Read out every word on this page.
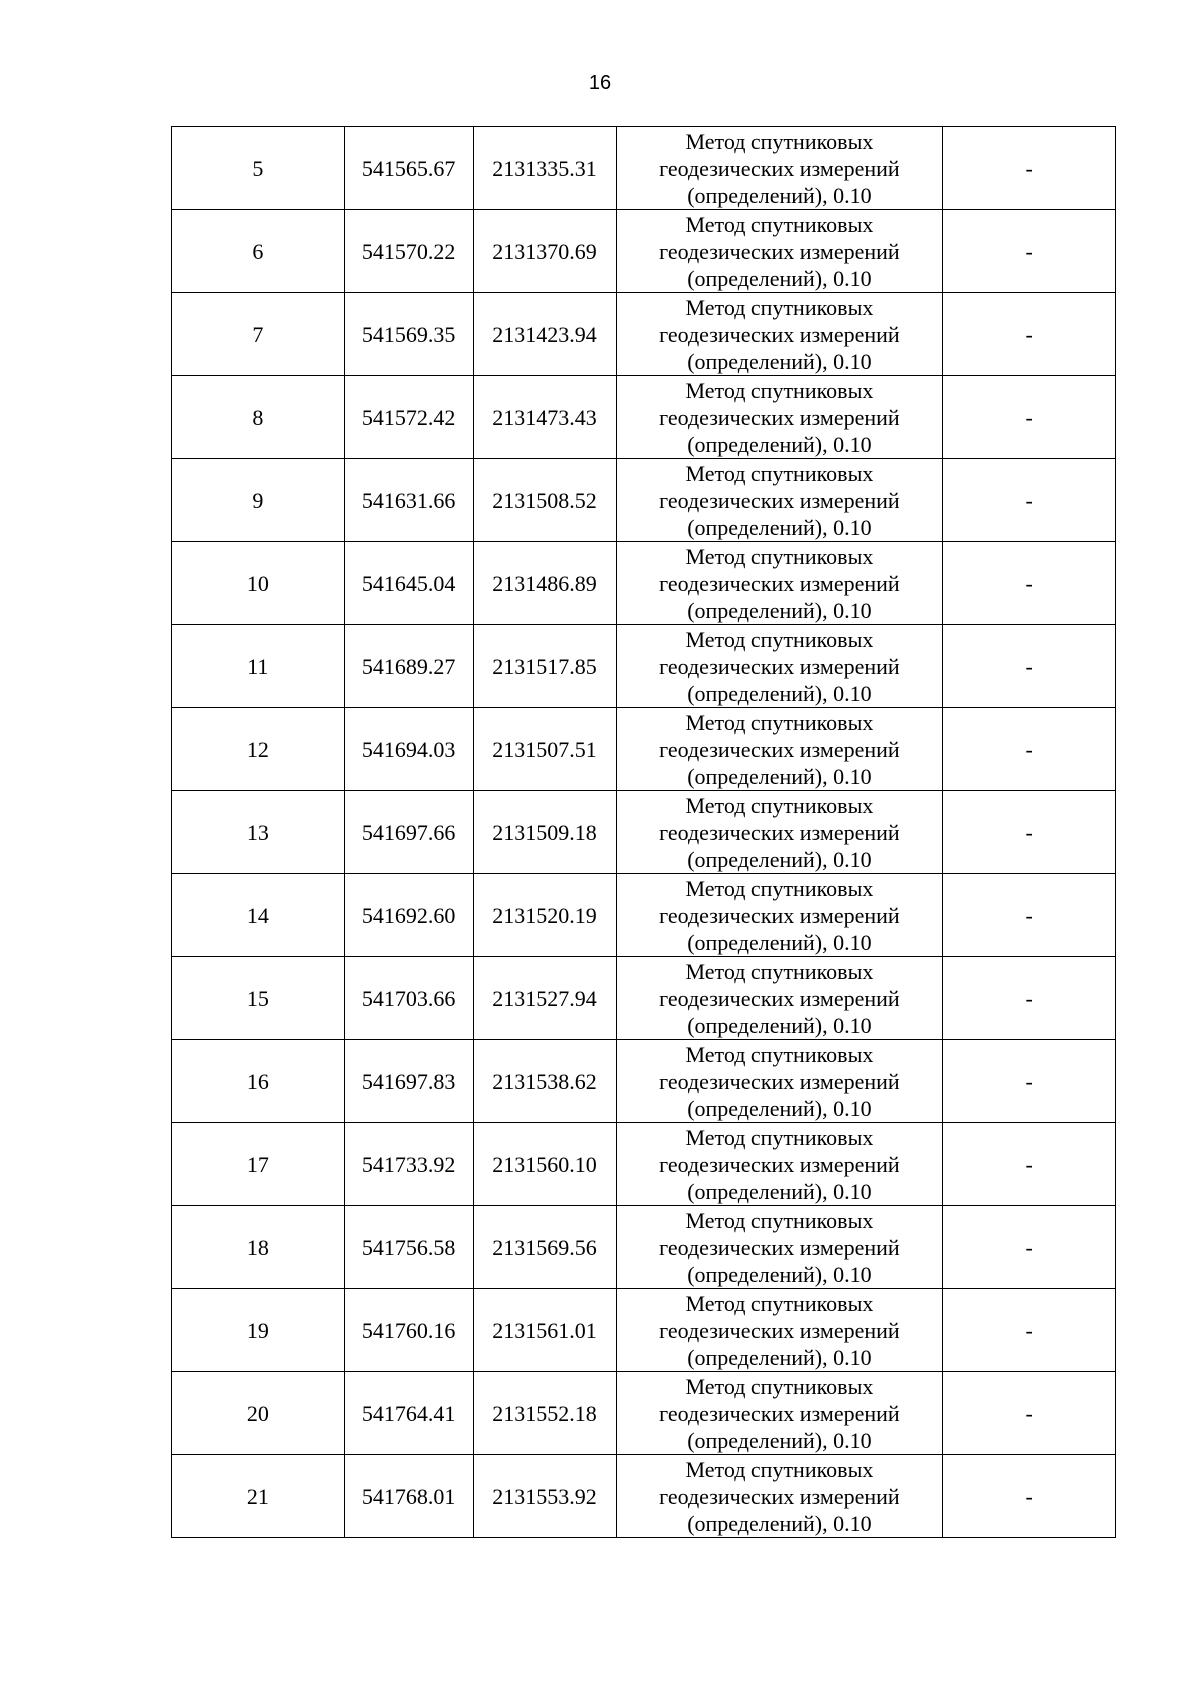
16
5	541565.67	2131335.31	Метод спутниковых
геодезических измерений
(определений), 0.10	-
6	541570.22	2131370.69	Метод спутниковых
геодезических измерений
(определений), 0.10	-
7	541569.35	2131423.94	Метод спутниковых
геодезических измерений
(определений), 0.10	-
8	541572.42	2131473.43	Метод спутниковых
геодезических измерений
(определений), 0.10	-
9	541631.66	2131508.52	Метод спутниковых
геодезических измерений
(определений), 0.10	-
10	541645.04	2131486.89	Метод спутниковых
геодезических измерений
(определений), 0.10	-
11	541689.27	2131517.85	Метод спутниковых
геодезических измерений
(определений), 0.10	-
12	541694.03	2131507.51	Метод спутниковых
геодезических измерений
(определений), 0.10	-
13	541697.66	2131509.18	Метод спутниковых
геодезических измерений
(определений), 0.10	-
14	541692.60	2131520.19	Метод спутниковых
геодезических измерений
(определений), 0.10	-
15	541703.66	2131527.94	Метод спутниковых
геодезических измерений
(определений), 0.10	-
16	541697.83	2131538.62	Метод спутниковых
геодезических измерений
(определений), 0.10	-
17	541733.92	2131560.10	Метод спутниковых
геодезических измерений
(определений), 0.10	-
18	541756.58	2131569.56	Метод спутниковых
геодезических измерений
(определений), 0.10	-
19	541760.16	2131561.01	Метод спутниковых
геодезических измерений
(определений), 0.10	-
20	541764.41	2131552.18	Метод спутниковых
геодезических измерений
(определений), 0.10	-
21	541768.01	2131553.92	Метод спутниковых
геодезических измерений
(определений), 0.10	-
